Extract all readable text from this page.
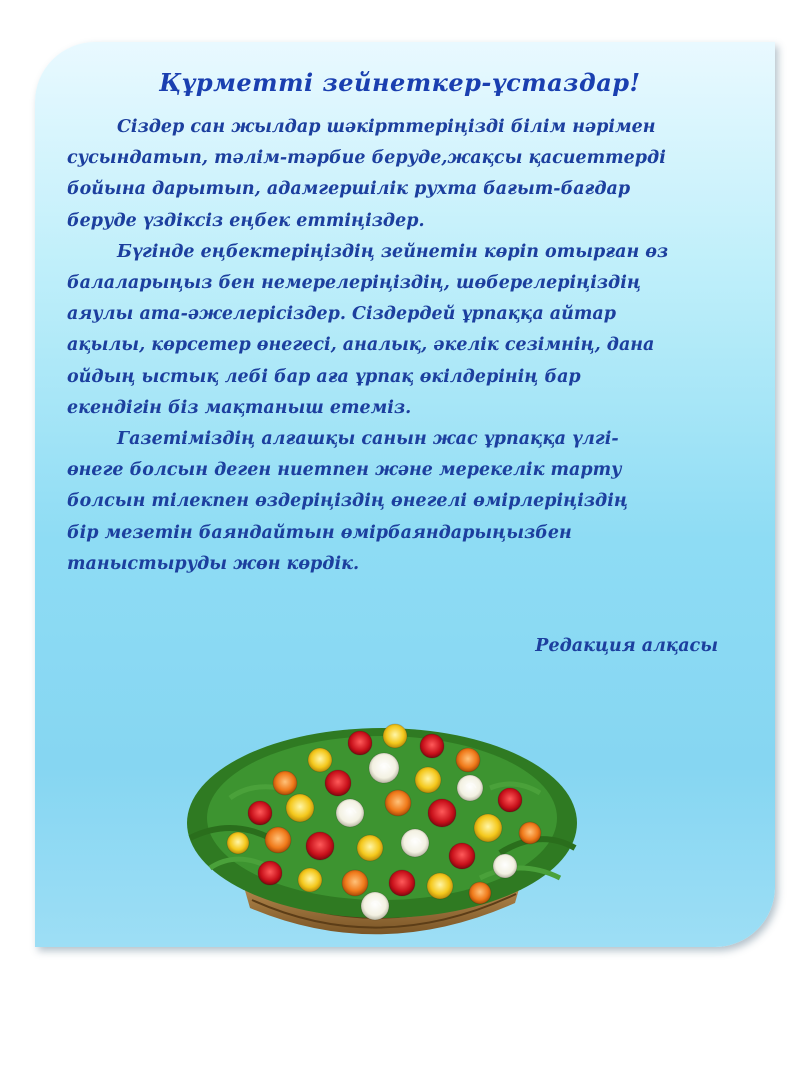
Құрметті зейнеткер-ұстаздар!

Сіздер сан жылдар шәкірттеріңізді білім нәрімен
сусындатып, тәлім-тәрбие беруде,жақсы қасиеттерді
бойына дарытып, адамгершілік рухта бағыт-бағдар
беруде үздіксіз еңбек еттіңіздер.

Бүгінде еңбектеріңіздің зейнетін көріп отырған өз
балаларыңыз бен немерелеріңіздің, шөберелеріңіздің
аяулы ата-әжелерісіздер. Сіздердей ұрпаққа айтар
ақылы, көрсетер өнегесі, аналық, әкелік сезімнің, дана
ойдың ыстық лебі бар аға ұрпақ өкілдерінің бар
екендігін біз мақтаныш етеміз.

Газетіміздің алғашқы санын жас ұрпаққа үлгі-
өнеге болсын деген ниетпен және мерекелік тарту
болсын тілекпен өздеріңіздің өнегелі өмірлеріңіздің
бір мезетін баяндайтын өмірбаяндарыңызбен
таныстыруды жөн көрдік.

Редакция алқасы
